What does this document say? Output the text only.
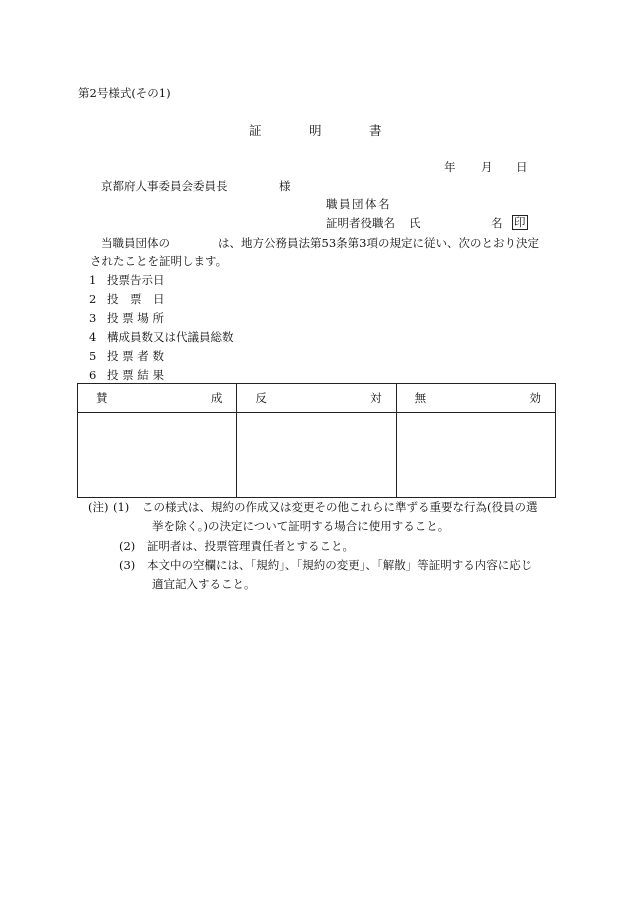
第2号様式(その1)
証	明	書
年 月 日
京都府人事委員会委員長	様
職員団体名
証明者役職名 氏	名 印
当職員団体の	は、地方公務員法第53条第3項の規定に従い、次のとおり決定
されたことを証明します。
1 投票告示日
2 投　票　日
3 投 票 場 所
4 構成員数又は代議員総数
5 投 票 者 数
6 投 票 結 果
賛 成	反 対	無 効

(注) (1) この様式は、規約の作成又は変更その他これらに準ずる重要な行為(役員の選
挙を除く。)の決定について証明する場合に使用すること。
(2) 証明者は、投票管理責任者とすること。
(3) 本文中の空欄には、「規約」、「規約の変更」、「解散」等証明する内容に応じ
適宜記入すること。
